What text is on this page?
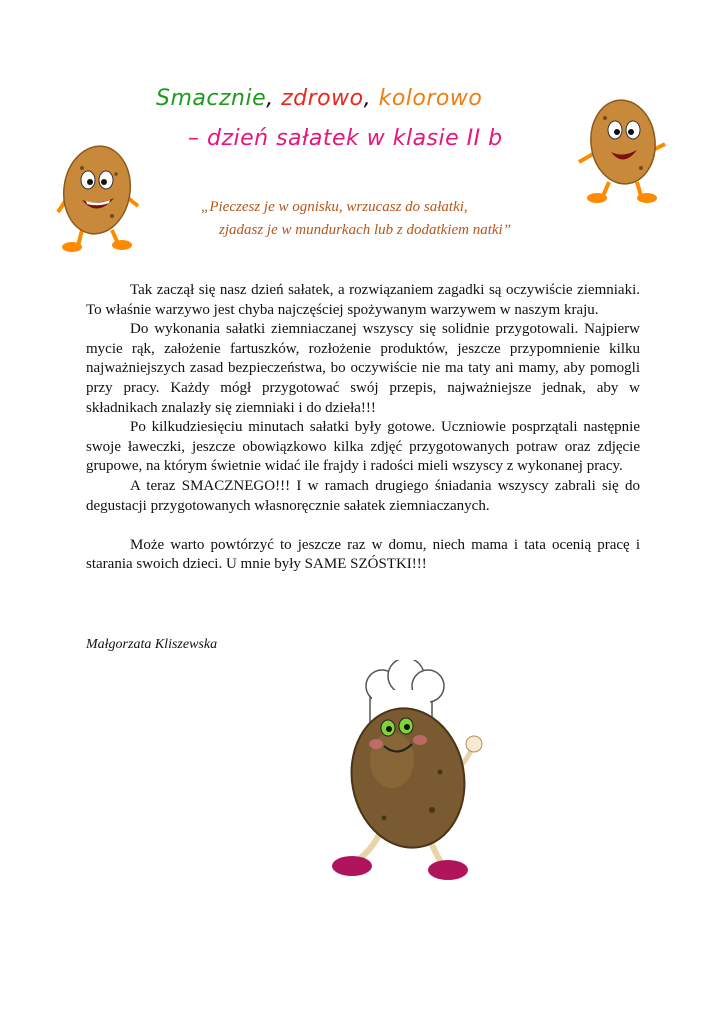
Smacznie, zdrowo, kolorowo
– dzień sałatek w klasie II b

„Pieczesz je w ognisku, wrzucasz do sałatki,

zjadasz je w mundurkach lub z dodatkiem natki”

Tak zaczął się nasz dzień sałatek, a rozwiązaniem zagadki są oczywiście ziemniaki. To właśnie warzywo jest chyba najczęściej spożywanym warzywem w naszym kraju.

Do wykonania sałatki ziemniaczanej wszyscy się solidnie przygotowali. Najpierw mycie rąk, założenie fartuszków, rozłożenie produktów, jeszcze przypomnienie kilku najważniejszych zasad bezpieczeństwa, bo oczywiście nie ma taty ani mamy, aby pomogli przy pracy. Każdy mógł przygotować swój przepis, najważniejsze jednak, aby w składnikach znalazły się ziemniaki i do dzieła!!!

Po kilkudziesięciu minutach sałatki były gotowe. Uczniowie posprzątali następnie swoje ławeczki, jeszcze obowiązkowo kilka zdjęć przygotowanych potraw oraz zdjęcie grupowe, na którym świetnie widać ile frajdy i radości mieli wszyscy z wykonanej pracy.

A teraz SMACZNEGO!!! I w ramach drugiego śniadania wszyscy zabrali się do degustacji przygotowanych własnoręcznie sałatek ziemniaczanych.

Może warto powtórzyć to jeszcze raz w domu, niech mama i tata ocenią pracę i starania swoich dzieci. U mnie były SAME SZÓSTKI!!!

Małgorzata Kliszewska
